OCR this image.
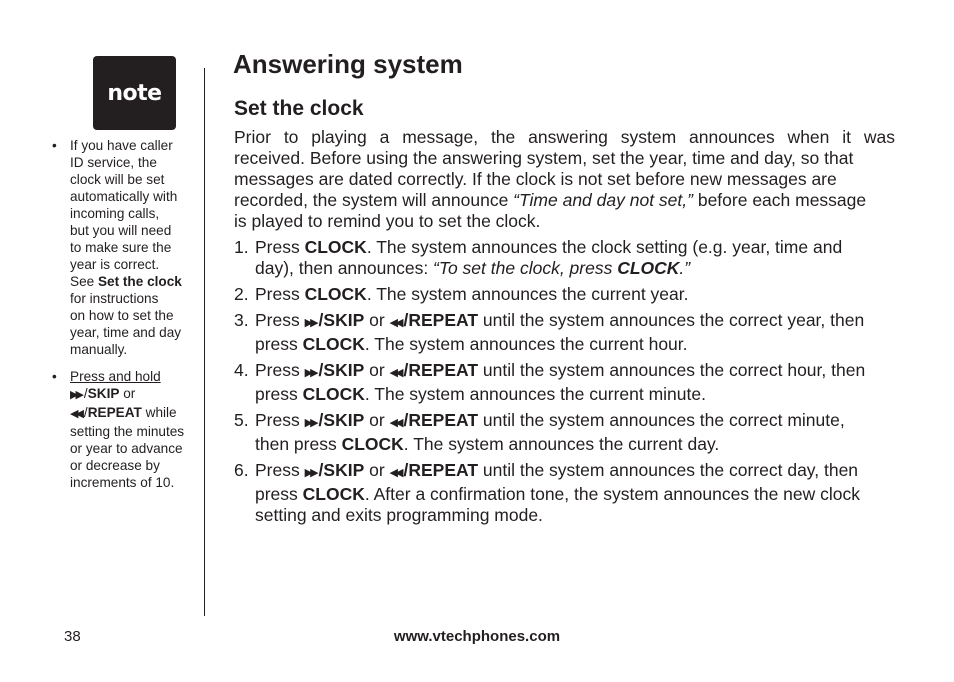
note
• If you have caller
ID service, the
clock will be set
automatically with
incoming calls,
but you will need
to make sure the
year is correct.
See Set the clock
for instructions
on how to set the
year, time and day
manually.
• Press and hold
▶▶ /SKIP or
◀◀ /REPEAT while
setting the minutes
or year to advance
or decrease by
increments of 10.
Answering system
Set the clock
Prior to playing a message, the answering system announces when it was
received. Before using the answering system, set the year, time and day, so that
messages are dated correctly. If the clock is not set before new messages are
recorded, the system will announce “Time and day not set,” before each message
is played to remind you to set the clock.
1. Press CLOCK. The system announces the clock setting (e.g. year, time and
day), then announces: “To set the clock, press CLOCK.”
2. Press CLOCK. The system announces the current year.
3. Press ▶▶ /SKIP or ◀◀ /REPEAT until the system announces the correct year, then
press CLOCK. The system announces the current hour.
4. Press ▶▶ /SKIP or ◀◀ /REPEAT until the system announces the correct hour, then
press CLOCK. The system announces the current minute.
5. Press ▶▶ /SKIP or ◀◀ /REPEAT until the system announces the correct minute,
then press CLOCK. The system announces the current day.
6. Press ▶▶ /SKIP or ◀◀ /REPEAT until the system announces the correct day, then
press CLOCK. After a confirmation tone, the system announces the new clock
setting and exits programming mode.
38	www.vtechphones.com
